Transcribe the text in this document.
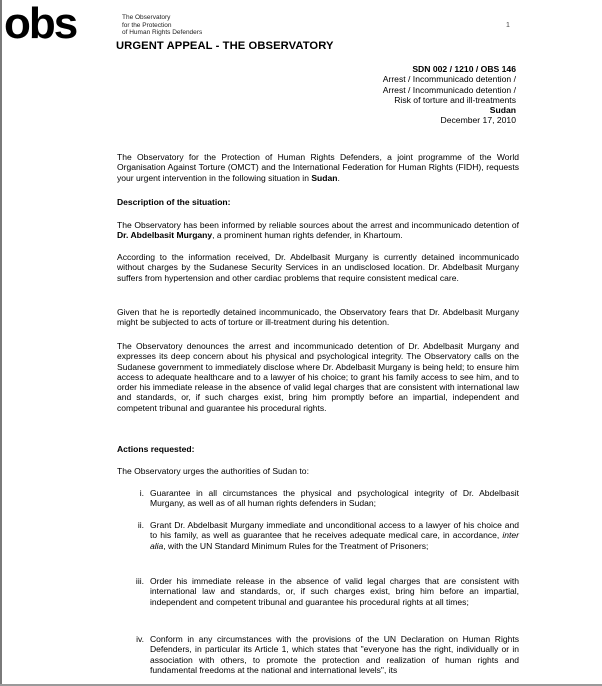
obs	The Observatory
for the Protection
of Human Rights Defenders
1
URGENT APPEAL - THE OBSERVATORY
SDN 002 / 1210 / OBS 146
Arrest / Incommunicado detention /
Arrest / Incommunicado detention /
Risk of torture and ill-treatments
Sudan
December 17, 2010

The Observatory for the Protection of Human Rights Defenders, a joint programme of the World Organisation Against Torture (OMCT) and the International Federation for Human Rights (FIDH), requests your urgent intervention in the following situation in Sudan.

Description of the situation:

The Observatory has been informed by reliable sources about the arrest and incommunicado detention of Dr. Abdelbasit Murgany, a prominent human rights defender, in Khartoum.

According to the information received, Dr. Abdelbasit Murgany is currently detained incommunicado without charges by the Sudanese Security Services in an undisclosed location. Dr. Abdelbasit Murgany suffers from hypertension and other cardiac problems that require consistent medical care.

Given that he is reportedly detained incommunicado, the Observatory fears that Dr. Abdelbasit Murgany might be subjected to acts of torture or ill-treatment during his detention.

The Observatory denounces the arrest and incommunicado detention of Dr. Abdelbasit Murgany and expresses its deep concern about his physical and psychological integrity. The Observatory calls on the Sudanese government to immediately disclose where Dr. Abdelbasit Murgany is being held; to ensure him access to adequate healthcare and to a lawyer of his choice; to grant his family access to see him, and to order his immediate release in the absence of valid legal charges that are consistent with international law and standards, or, if such charges exist, bring him promptly before an impartial, independent and competent tribunal and guarantee his procedural rights.

Actions requested:
The Observatory urges the authorities of Sudan to:
i. Guarantee in all circumstances the physical and psychological integrity of Dr. Abdelbasit Murgany, as well as of all human rights defenders in Sudan;
ii. Grant Dr. Abdelbasit Murgany immediate and unconditional access to a lawyer of his choice and to his family, as well as guarantee that he receives adequate medical care, in accordance, inter alia, with the UN Standard Minimum Rules for the Treatment of Prisoners;
iii. Order his immediate release in the absence of valid legal charges that are consistent with international law and standards, or, if such charges exist, bring him before an impartial, independent and competent tribunal and guarantee his procedural rights at all times;
iv. Conform in any circumstances with the provisions of the UN Declaration on Human Rights Defenders, in particular its Article 1, which states that "everyone has the right, individually or in association with others, to promote the protection and realization of human rights and fundamental freedoms at the national and international levels", its
